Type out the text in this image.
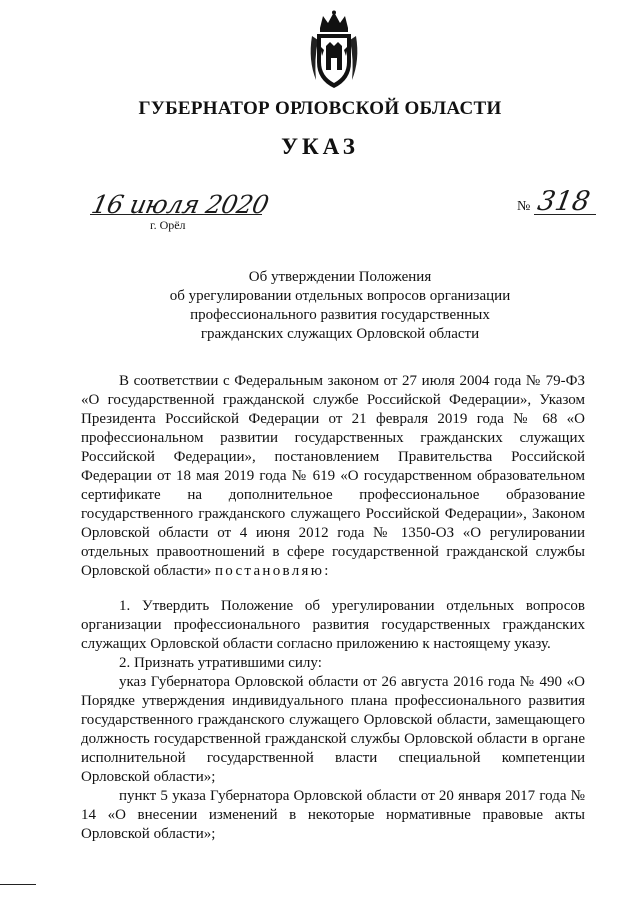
ГУБЕРНАТОР ОРЛОВСКОЙ ОБЛАСТИ
УКАЗ
16 июля 2020
г. Орёл
№ 318
Об утверждении Положения
об урегулировании отдельных вопросов организации
профессионального развития государственных
гражданских служащих Орловской области

В соответствии с Федеральным законом от 27 июля 2004 года № 79-ФЗ «О государственной гражданской службе Российской Федерации», Указом Президента Российской Федерации от 21 февраля 2019 года № 68 «О профессиональном развитии государственных гражданских служащих Российской Федерации», постановлением Правительства Российской Федерации от 18 мая 2019 года № 619 «О государственном образовательном сертификате на дополнительное профессиональное образование государственного гражданского служащего Российской Федерации», Законом Орловской области от 4 июня 2012 года № 1350-ОЗ «О регулировании отдельных правоотношений в сфере государственной гражданской службы Орловской области» постановляю:

1. Утвердить Положение об урегулировании отдельных вопросов организации профессионального развития государственных гражданских служащих Орловской области согласно приложению к настоящему указу.

2. Признать утратившими силу:

указ Губернатора Орловской области от 26 августа 2016 года № 490 «О Порядке утверждения индивидуального плана профессионального развития государственного гражданского служащего Орловской области, замещающего должность государственной гражданской службы Орловской области в органе исполнительной государственной власти специальной компетенции Орловской области»;

пункт 5 указа Губернатора Орловской области от 20 января 2017 года № 14 «О внесении изменений в некоторые нормативные правовые акты Орловской области»;
